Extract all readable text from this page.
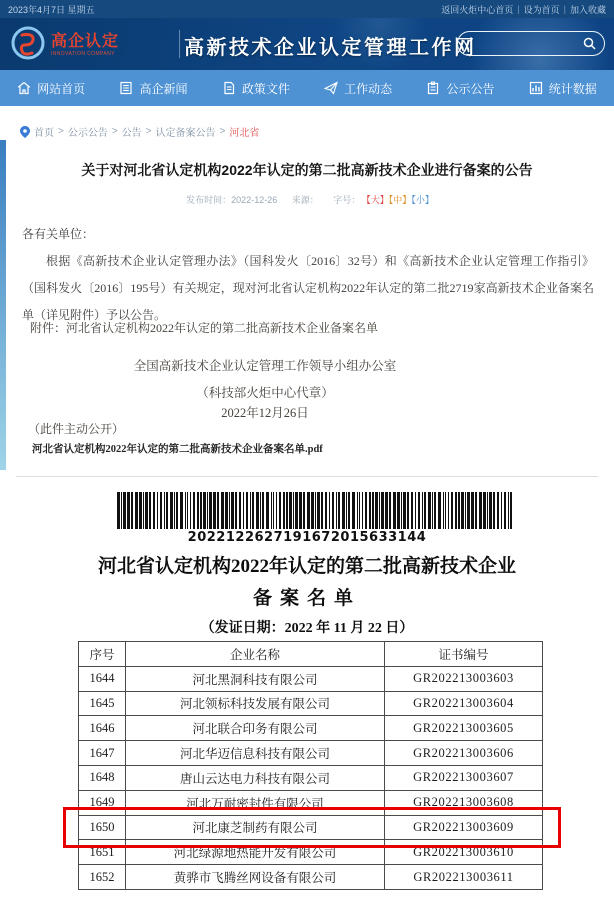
2023年4月7日 星期五	返回火炬中心首页 | 设为首页 | 加入收藏
高企认定
INNOVATION COMPANY	高新技术企业认定管理工作网
网站首页	高企新闻	政策文件	工作动态	公示公告	统计数据
首页 > 公示公告 > 公告 > 认定备案公告 > 河北省
关于对河北省认定机构2022年认定的第二批高新技术企业进行备案的公告
发布时间：2022-12-26 来源： 字号： 【大】【中】【小】

各有关单位：

根据《高新技术企业认定管理办法》（国科发火〔2016〕32号）和《高新技术企业认定管理工作指引》（国科发火〔2016〕195号）有关规定，现对河北省认定机构2022年认定的第二批2719家高新技术企业备案名单（详见附件）予以公告。

附件：河北省认定机构2022年认定的第二批高新技术企业备案名单
全国高新技术企业认定管理工作领导小组办公室
（科技部火炬中心代章）
2022年12月26日
（此件主动公开）
河北省认定机构2022年认定的第二批高新技术企业备案名单.pdf
2022122627191672015633144
河北省认定机构2022年认定的第二批高新技术企业
备案名单
（发证日期：2022 年 11 月 22 日）
序号	企业名称	证书编号
1644	河北黑洞科技有限公司	GR202213003603
1645	河北领标科技发展有限公司	GR202213003604
1646	河北联合印务有限公司	GR202213003605
1647	河北华迈信息科技有限公司	GR202213003606
1648	唐山云达电力科技有限公司	GR202213003607
1649	河北万耐密封件有限公司	GR202213003608
1650	河北康芝制药有限公司	GR202213003609
1651	河北绿源地热能开发有限公司	GR202213003610
1652	黄骅市飞腾丝网设备有限公司	GR202213003611
